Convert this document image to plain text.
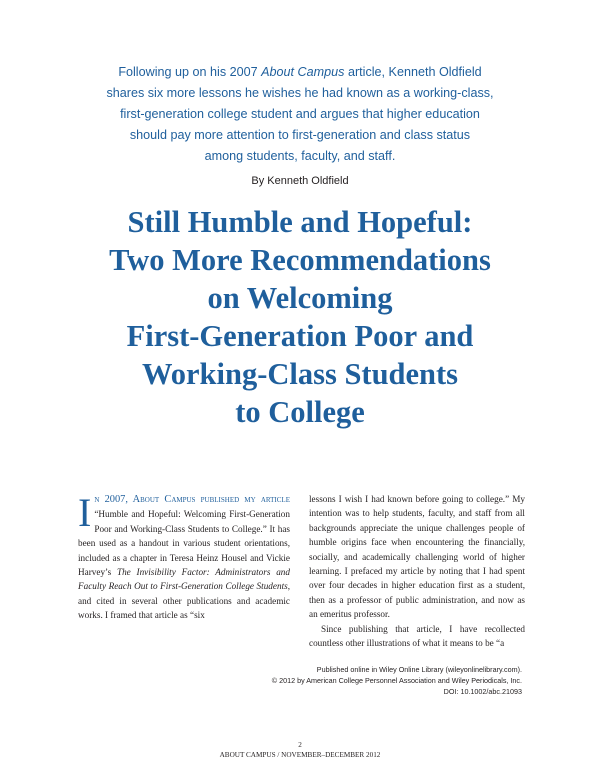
Following up on his 2007 About Campus article, Kenneth Oldfield

shares six more lessons he wishes he had known as a working-class,

first-generation college student and argues that higher education

should pay more attention to first-generation and class status

among students, faculty, and staff.

By Kenneth Oldfield
Still Humble and Hopeful:
Two More Recommendations
on Welcoming
First-Generation Poor and
Working-Class Students
to College

In 2007, About Campus published my article “Humble and Hopeful: Welcoming First-Generation Poor and Working-Class Students to College.” It has been used as a handout in various student orientations, included as a chapter in Teresa Heinz Housel and Vickie Harvey’s The Invisibility Factor: Administrators and Faculty Reach Out to First-Generation College Students, and cited in several other publications and academic works. I framed that article as “six

lessons I wish I had known before going to college.” My intention was to help students, faculty, and staff from all backgrounds appreciate the unique challenges people of humble origins face when encountering the financially, socially, and academically challenging world of higher learning. I prefaced my article by noting that I had spent over four decades in higher education first as a student, then as a professor of public administration, and now as an emeritus professor.

Since publishing that article, I have recollected countless other illustrations of what it means to be “a

Published online in Wiley Online Library (wileyonlinelibrary.com).
© 2012 by American College Personnel Association and Wiley Periodicals, Inc.
DOI: 10.1002/abc.21093
2
ABOUT CAMPUS / NOVEMBER–DECEMBER 2012
